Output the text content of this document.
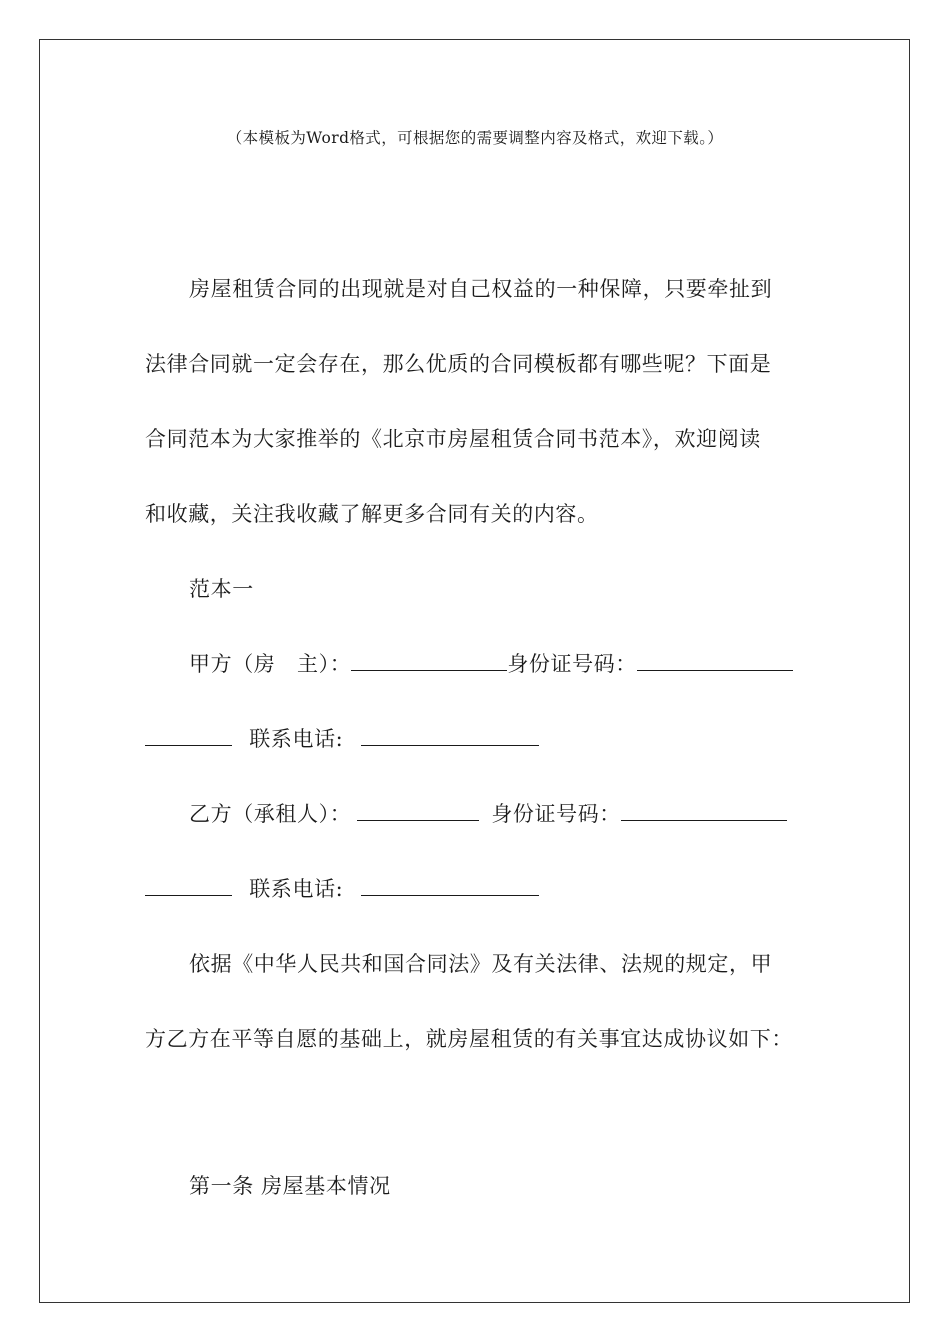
（本模板为Word格式，可根据您的需要调整内容及格式，欢迎下载。）
房屋租赁合同的出现就是对自己权益的一种保障，只要牵扯到
法律合同就一定会存在，那么优质的合同模板都有哪些呢？下面是
合同范本为大家推举的《北京市房屋租赁合同书范本》，欢迎阅读
和收藏，关注我收藏了解更多合同有关的内容。
范本一
甲方（房　主）：	身份证号码：
联系电话:
乙方（承租人）：	身份证号码：
联系电话:
依据《中华人民共和国合同法》及有关法律、法规的规定，甲
方乙方在平等自愿的基础上，就房屋租赁的有关事宜达成协议如下：
第一条 房屋基本情况
